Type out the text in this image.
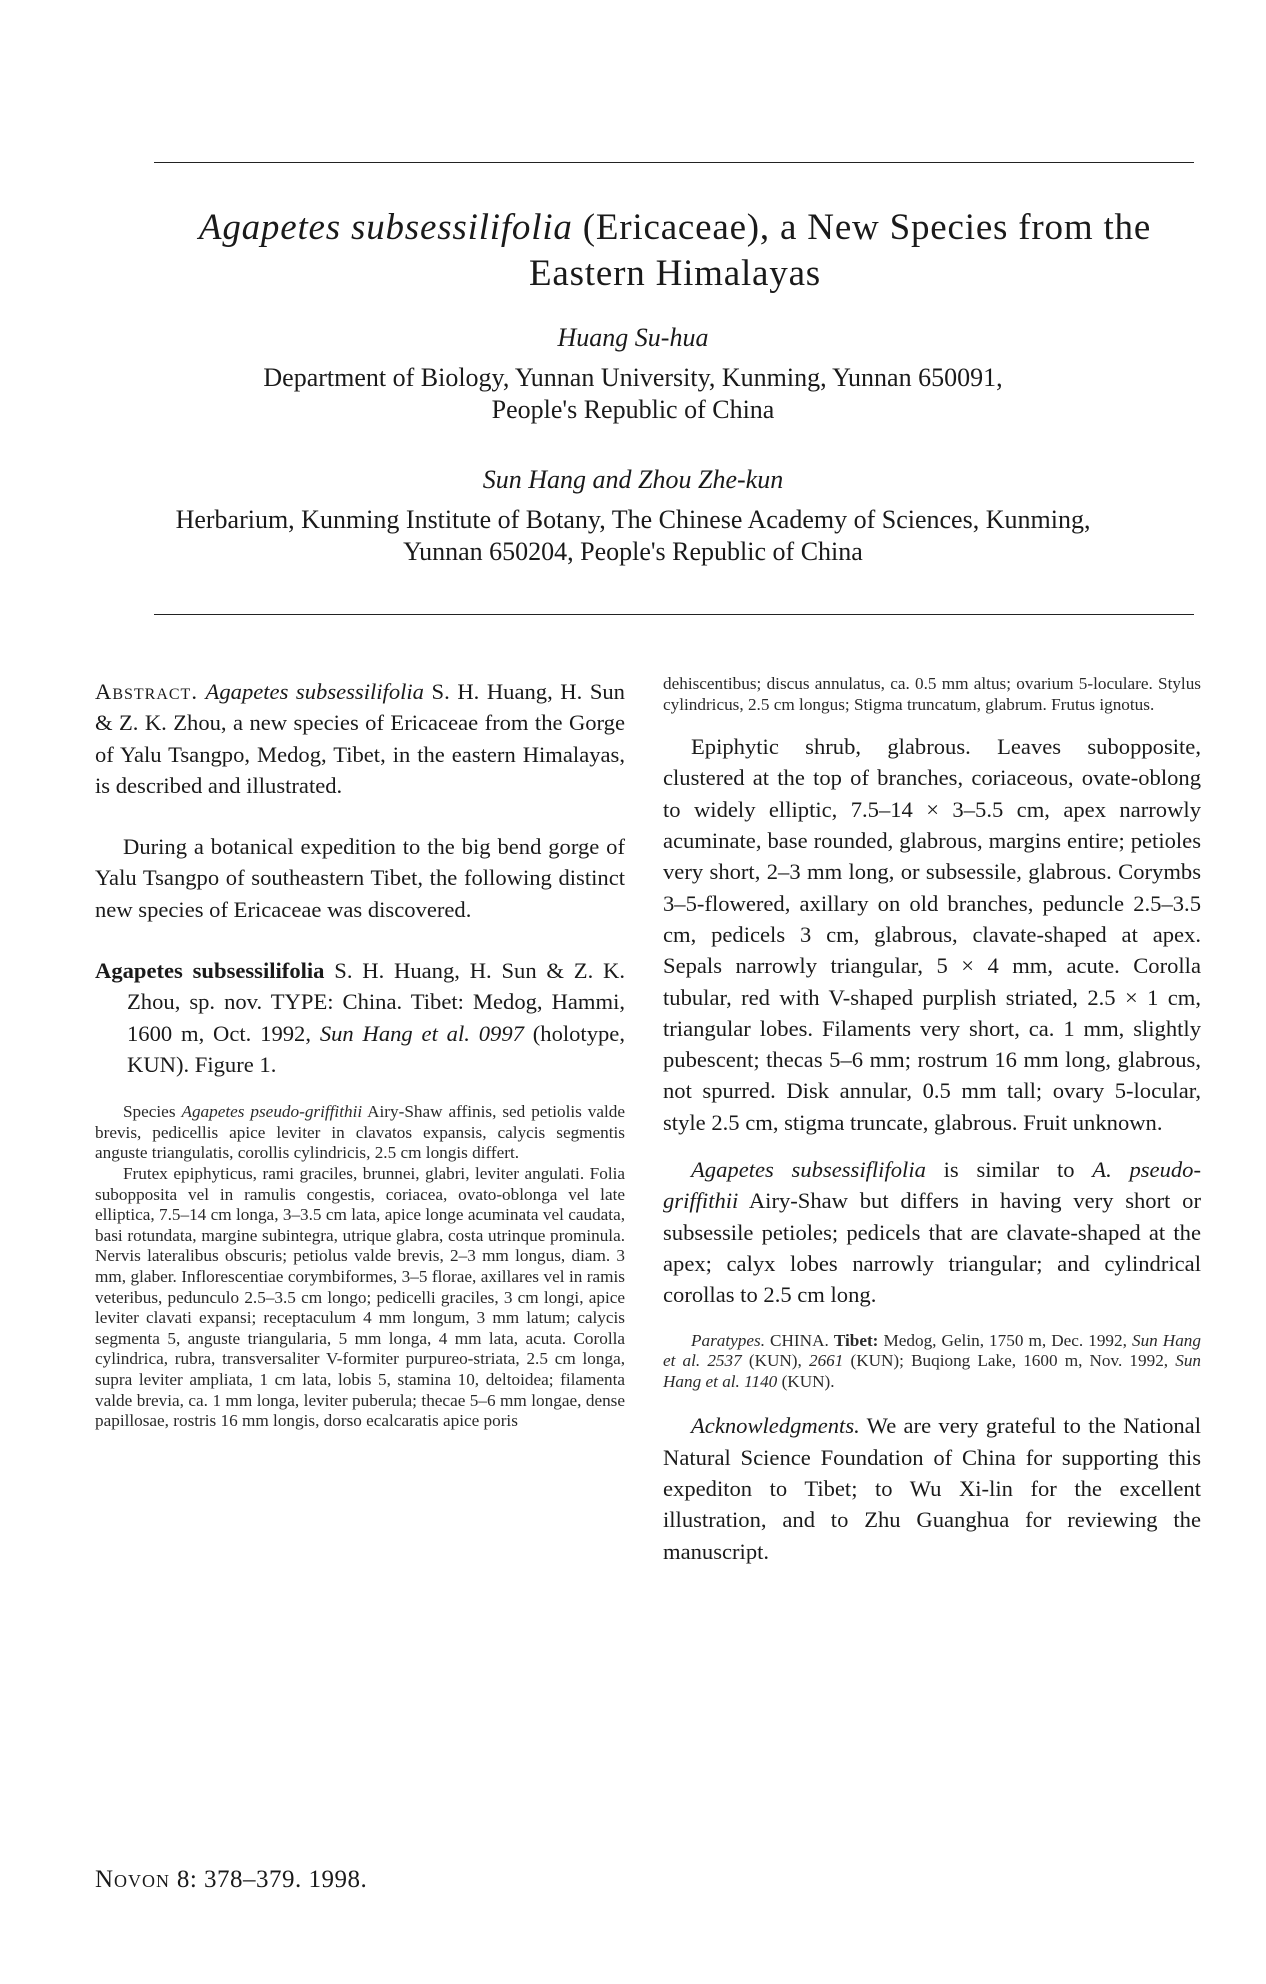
Agapetes subsessilifolia (Ericaceae), a New Species from the
Eastern Himalayas
Huang Su-hua
Department of Biology, Yunnan University, Kunming, Yunnan 650091,
People's Republic of China
Sun Hang and Zhou Zhe-kun
Herbarium, Kunming Institute of Botany, The Chinese Academy of Sciences, Kunming,
Yunnan 650204, People's Republic of China

Abstract. Agapetes subsessilifolia S. H. Huang, H. Sun & Z. K. Zhou, a new species of Ericaceae from the Gorge of Yalu Tsangpo, Medog, Tibet, in the eastern Himalayas, is described and illustrated.

During a botanical expedition to the big bend gorge of Yalu Tsangpo of southeastern Tibet, the following distinct new species of Ericaceae was discovered.

Agapetes subsessilifolia S. H. Huang, H. Sun & Z. K. Zhou, sp. nov. TYPE: China. Tibet: Medog, Hammi, 1600 m, Oct. 1992, Sun Hang et al. 0997 (holotype, KUN). Figure 1.

Species Agapetes pseudo-griffithii Airy-Shaw affinis, sed petiolis valde brevis, pedicellis apice leviter in clavatos expansis, calycis segmentis anguste triangulatis, corollis cylindricis, 2.5 cm longis differt.

Frutex epiphyticus, rami graciles, brunnei, glabri, leviter angulati. Folia subopposita vel in ramulis congestis, coriacea, ovato-oblonga vel late elliptica, 7.5–14 cm longa, 3–3.5 cm lata, apice longe acuminata vel caudata, basi rotundata, margine subintegra, utrique glabra, costa utrinque prominula. Nervis lateralibus obscuris; petiolus valde brevis, 2–3 mm longus, diam. 3 mm, glaber. Inflorescentiae corymbiformes, 3–5 florae, axillares vel in ramis veteribus, pedunculo 2.5–3.5 cm longo; pedicelli graciles, 3 cm longi, apice leviter clavati expansi; receptaculum 4 mm longum, 3 mm latum; calycis segmenta 5, anguste triangularia, 5 mm longa, 4 mm lata, acuta. Corolla cylindrica, rubra, transversaliter V-formiter purpureo-striata, 2.5 cm longa, supra leviter ampliata, 1 cm lata, lobis 5, stamina 10, deltoidea; filamenta valde brevia, ca. 1 mm longa, leviter puberula; thecae 5–6 mm longae, dense papillosae, rostris 16 mm longis, dorso ecalcaratis apice poris

dehiscentibus; discus annulatus, ca. 0.5 mm altus; ovarium 5-loculare. Stylus cylindricus, 2.5 cm longus; Stigma truncatum, glabrum. Frutus ignotus.

Epiphytic shrub, glabrous. Leaves subopposite, clustered at the top of branches, coriaceous, ovate-oblong to widely elliptic, 7.5–14 × 3–5.5 cm, apex narrowly acuminate, base rounded, glabrous, margins entire; petioles very short, 2–3 mm long, or subsessile, glabrous. Corymbs 3–5-flowered, axillary on old branches, peduncle 2.5–3.5 cm, pedicels 3 cm, glabrous, clavate-shaped at apex. Sepals narrowly triangular, 5 × 4 mm, acute. Corolla tubular, red with V-shaped purplish striated, 2.5 × 1 cm, triangular lobes. Filaments very short, ca. 1 mm, slightly pubescent; thecas 5–6 mm; rostrum 16 mm long, glabrous, not spurred. Disk annular, 0.5 mm tall; ovary 5-locular, style 2.5 cm, stigma truncate, glabrous. Fruit unknown.

Agapetes subsessiflifolia is similar to A. pseudo-griffithii Airy-Shaw but differs in having very short or subsessile petioles; pedicels that are clavate-shaped at the apex; calyx lobes narrowly triangular; and cylindrical corollas to 2.5 cm long.

Paratypes. CHINA. Tibet: Medog, Gelin, 1750 m, Dec. 1992, Sun Hang et al. 2537 (KUN), 2661 (KUN); Buqiong Lake, 1600 m, Nov. 1992, Sun Hang et al. 1140 (KUN).

Acknowledgments. We are very grateful to the National Natural Science Foundation of China for supporting this expediton to Tibet; to Wu Xi-lin for the excellent illustration, and to Zhu Guanghua for reviewing the manuscript.

Novon 8: 378–379. 1998.
